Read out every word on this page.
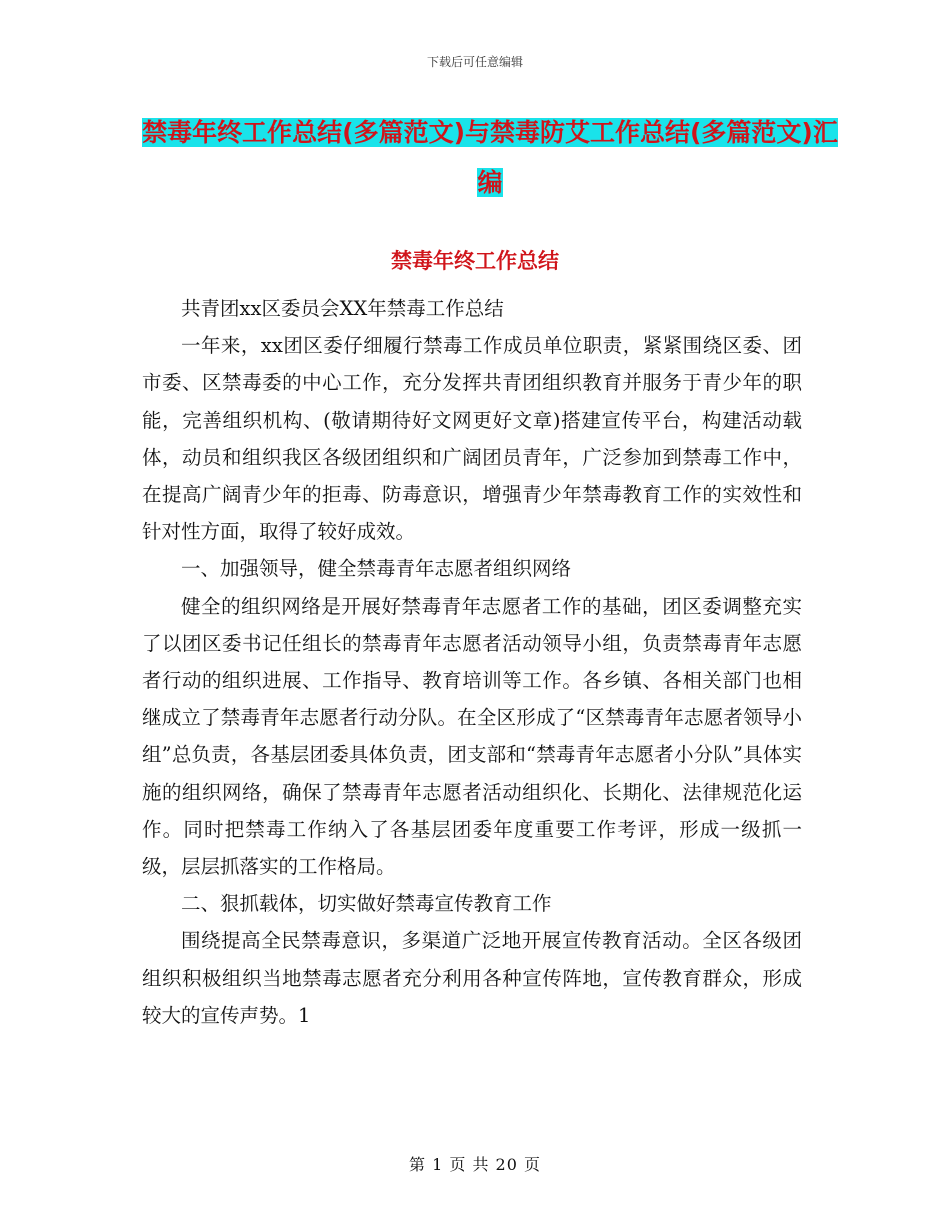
下载后可任意编辑
禁毒年终工作总结(多篇范文)与禁毒防艾工作总结(多篇范文)汇编
禁毒年终工作总结

共青团xx区委员会XX年禁毒工作总结

一年来，xx团区委仔细履行禁毒工作成员单位职责，紧紧围绕区委、团市委、区禁毒委的中心工作，充分发挥共青团组织教育并服务于青少年的职能，完善组织机构、(敬请期待好文网更好文章)搭建宣传平台，构建活动载体，动员和组织我区各级团组织和广阔团员青年，广泛参加到禁毒工作中，在提高广阔青少年的拒毒、防毒意识，增强青少年禁毒教育工作的实效性和针对性方面，取得了较好成效。

一、加强领导，健全禁毒青年志愿者组织网络

健全的组织网络是开展好禁毒青年志愿者工作的基础，团区委调整充实了以团区委书记任组长的禁毒青年志愿者活动领导小组，负责禁毒青年志愿者行动的组织进展、工作指导、教育培训等工作。各乡镇、各相关部门也相继成立了禁毒青年志愿者行动分队。在全区形成了“区禁毒青年志愿者领导小组”总负责，各基层团委具体负责，团支部和“禁毒青年志愿者小分队”具体实施的组织网络，确保了禁毒青年志愿者活动组织化、长期化、法律规范化运作。同时把禁毒工作纳入了各基层团委年度重要工作考评，形成一级抓一级，层层抓落实的工作格局。

二、狠抓载体，切实做好禁毒宣传教育工作

围绕提高全民禁毒意识，多渠道广泛地开展宣传教育活动。全区各级团组织积极组织当地禁毒志愿者充分利用各种宣传阵地，宣传教育群众，形成较大的宣传声势。1

第 1 页 共 20 页
